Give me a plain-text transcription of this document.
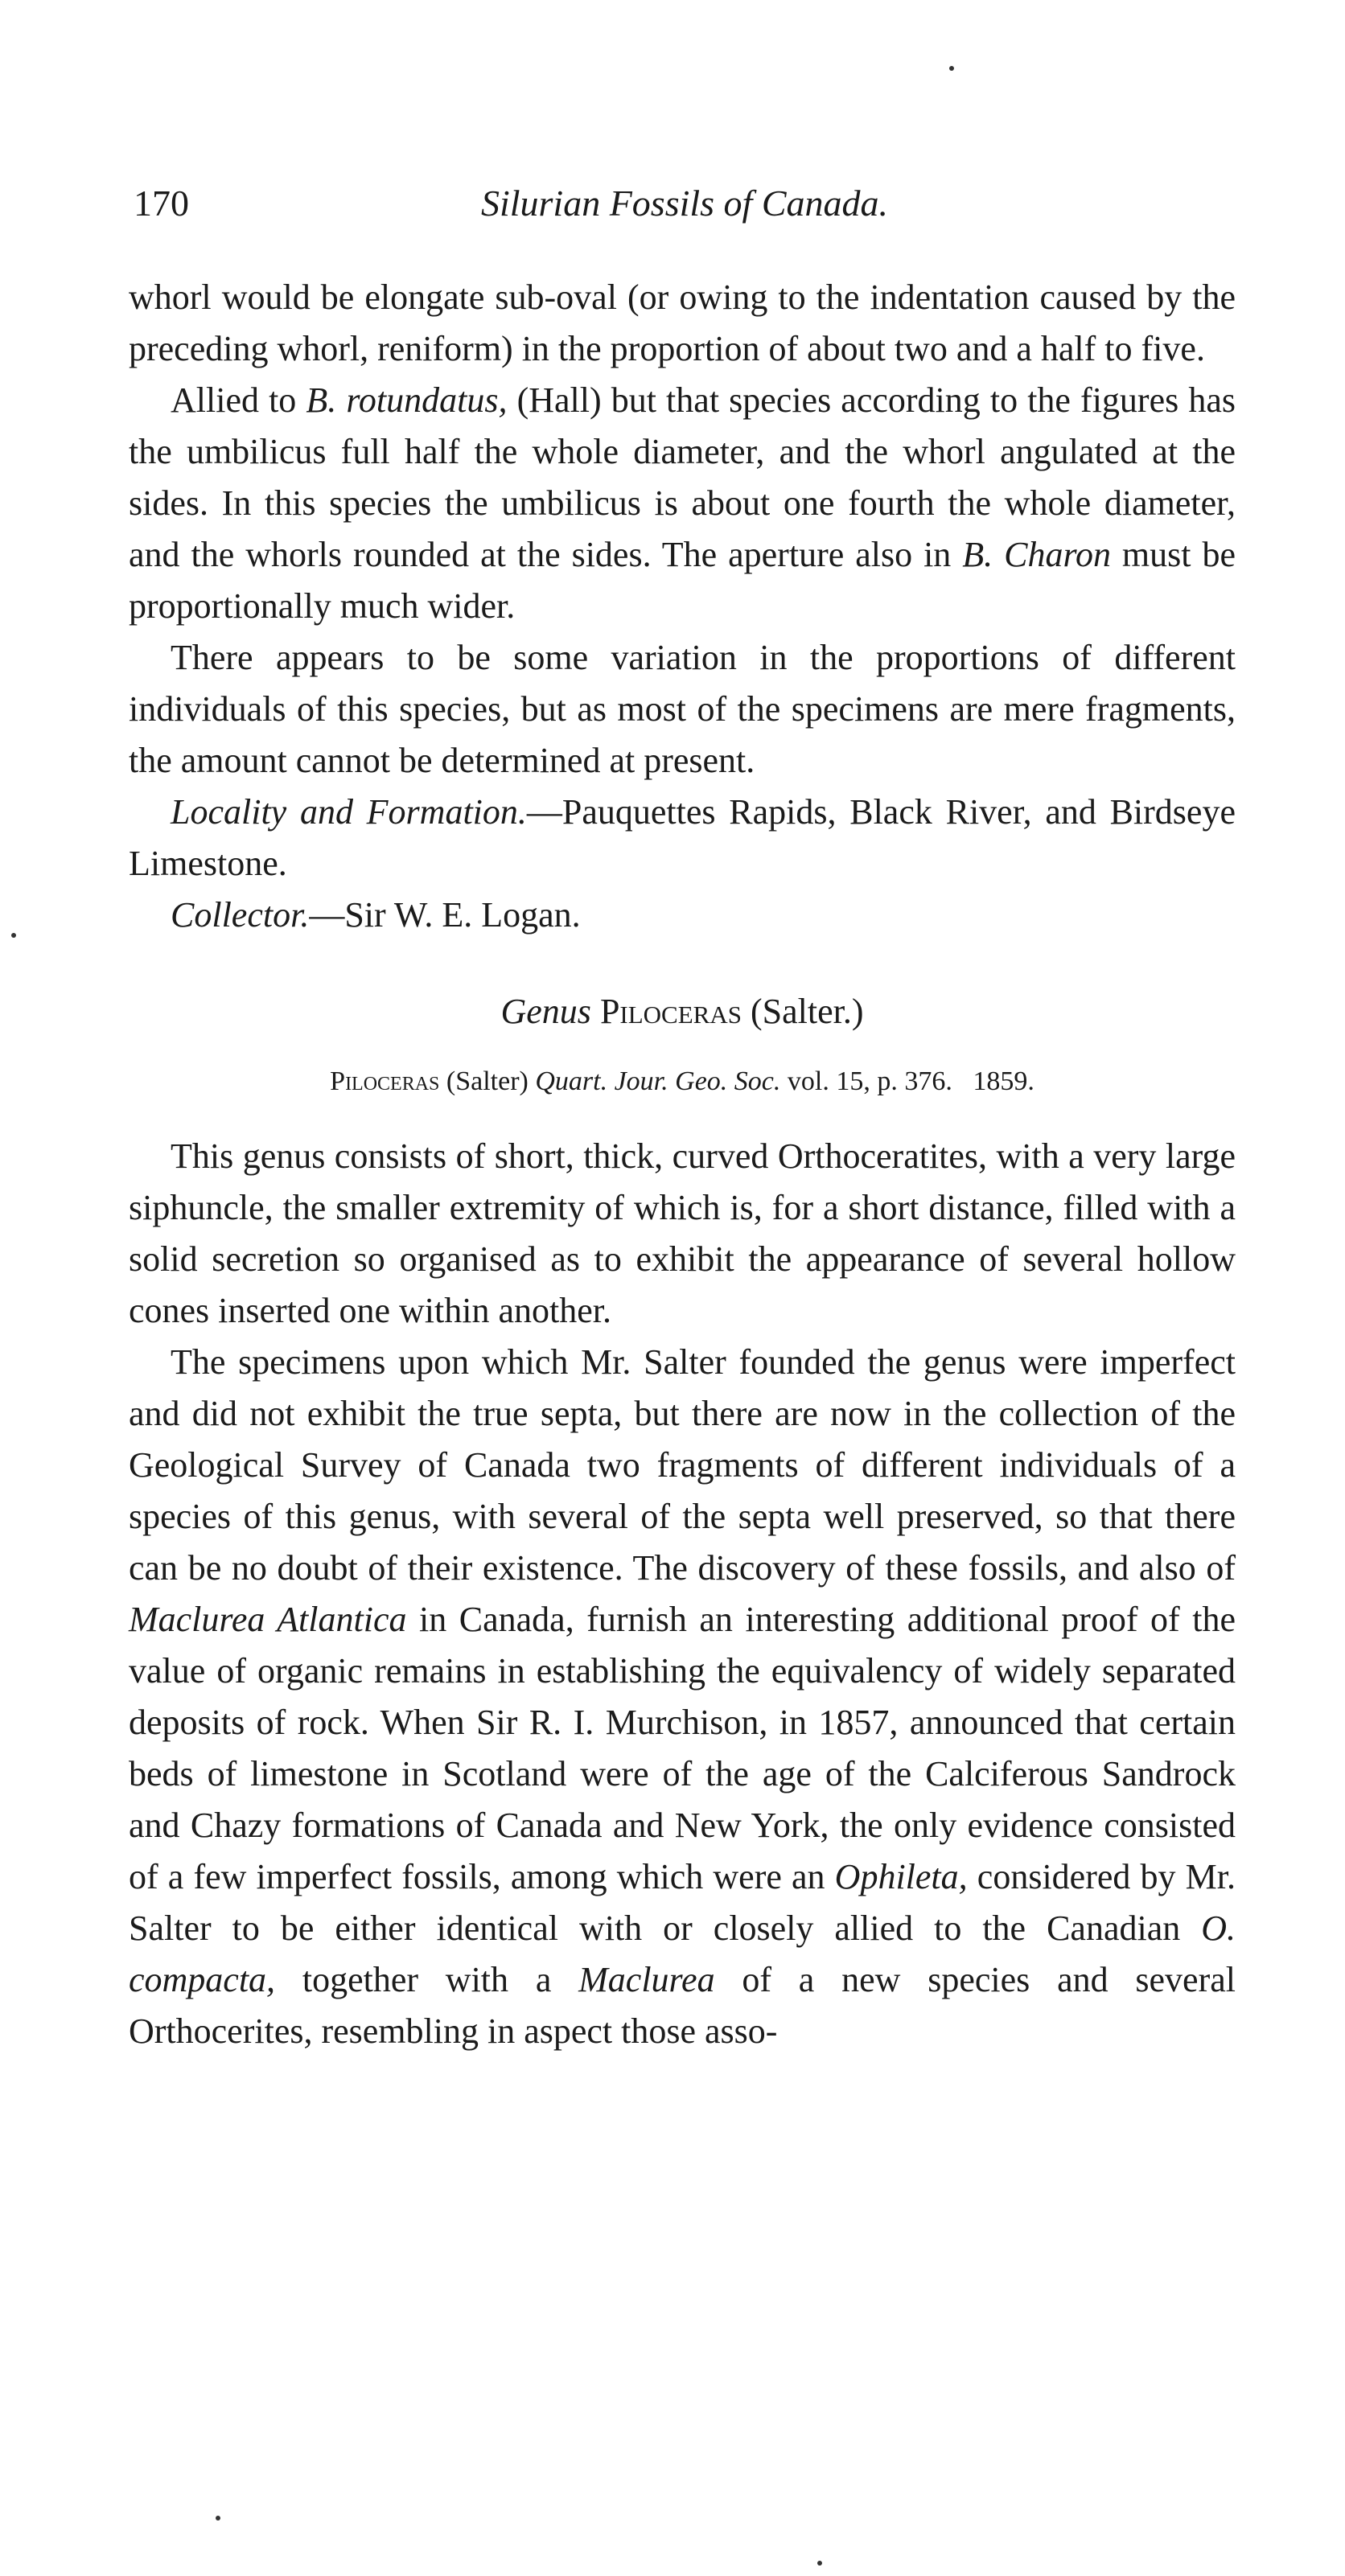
170	Silurian Fossils of Canada.

whorl would be elongate sub-oval (or owing to the indentation caused by the preceding whorl, reniform) in the proportion of about two and a half to five.

Allied to B. rotundatus, (Hall) but that species according to the figures has the umbilicus full half the whole diameter, and the whorl angulated at the sides. In this species the umbilicus is about one fourth the whole diameter, and the whorls rounded at the sides. The aperture also in B. Charon must be proportionally much wider.

There appears to be some variation in the proportions of different individuals of this species, but as most of the specimens are mere fragments, the amount cannot be determined at present.

Locality and Formation.—Pauquettes Rapids, Black River, and Birdseye Limestone.

Collector.—Sir W. E. Logan.

Genus Piloceras (Salter.)
Piloceras (Salter) Quart. Jour. Geo. Soc. vol. 15, p. 376. 1859.

This genus consists of short, thick, curved Orthoceratites, with a very large siphuncle, the smaller extremity of which is, for a short distance, filled with a solid secretion so organised as to exhibit the appearance of several hollow cones inserted one within another.

The specimens upon which Mr. Salter founded the genus were imperfect and did not exhibit the true septa, but there are now in the collection of the Geological Survey of Canada two fragments of different individuals of a species of this genus, with several of the septa well preserved, so that there can be no doubt of their existence. The discovery of these fossils, and also of Maclurea Atlantica in Canada, furnish an interesting additional proof of the value of organic remains in establishing the equivalency of widely separated deposits of rock. When Sir R. I. Murchison, in 1857, announced that certain beds of limestone in Scotland were of the age of the Calciferous Sandrock and Chazy formations of Canada and New York, the only evidence consisted of a few imperfect fossils, among which were an Ophileta, considered by Mr. Salter to be either identical with or closely allied to the Canadian O. compacta, together with a Maclurea of a new species and several Orthocerites, resembling in aspect those asso-
